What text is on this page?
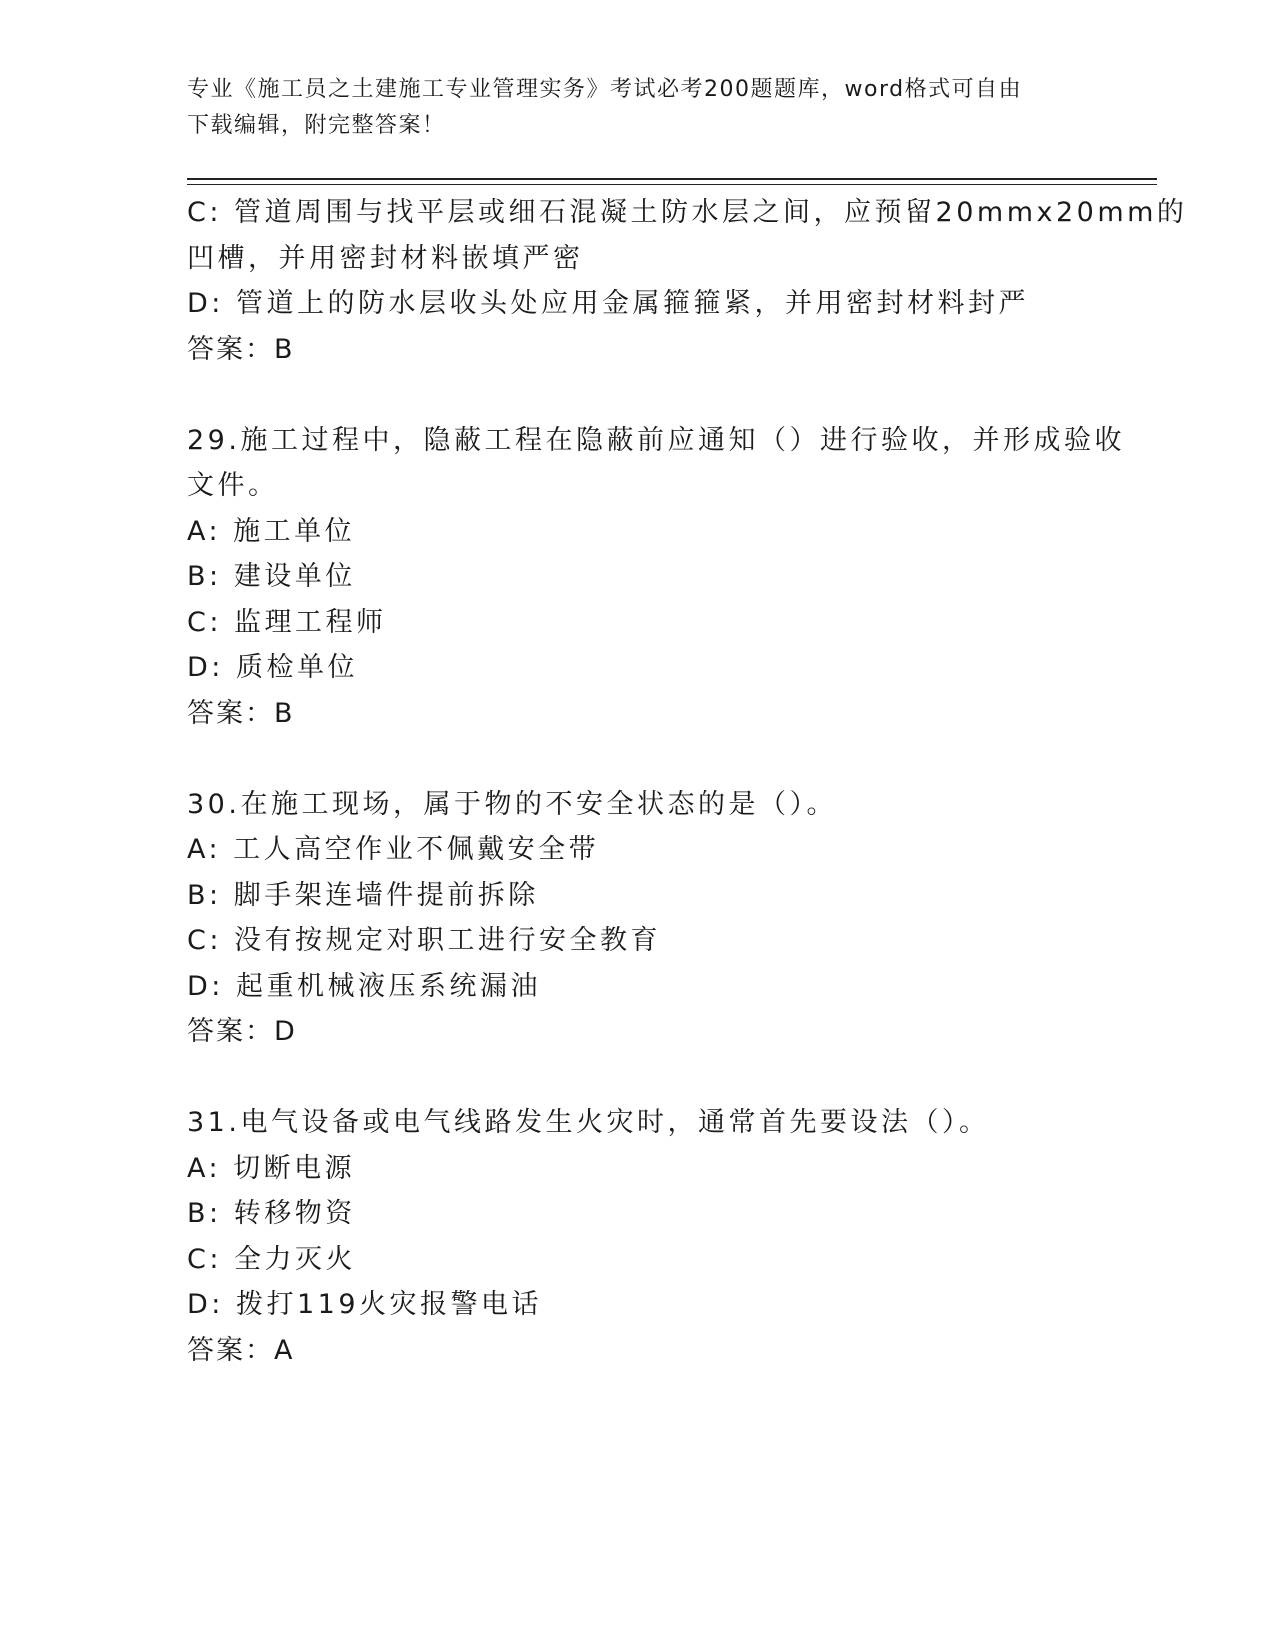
专业《施工员之土建施工专业管理实务》考试必考200题题库，word格式可自由
下载编辑，附完整答案！
C: 管道周围与找平层或细石混凝土防水层之间，应预留20mmx20mm的
凹槽，并用密封材料嵌填严密
D: 管道上的防水层收头处应用金属箍箍紧，并用密封材料封严
答案：B
29.施工过程中，隐蔽工程在隐蔽前应通知（）进行验收，并形成验收
文件。
A: 施工单位
B: 建设单位
C: 监理工程师
D: 质检单位
答案：B
30.在施工现场，属于物的不安全状态的是（）。
A: 工人高空作业不佩戴安全带
B: 脚手架连墙件提前拆除
C: 没有按规定对职工进行安全教育
D: 起重机械液压系统漏油
答案：D
31.电气设备或电气线路发生火灾时，通常首先要设法（）。
A: 切断电源
B: 转移物资
C: 全力灭火
D: 拨打119火灾报警电话
答案：A
